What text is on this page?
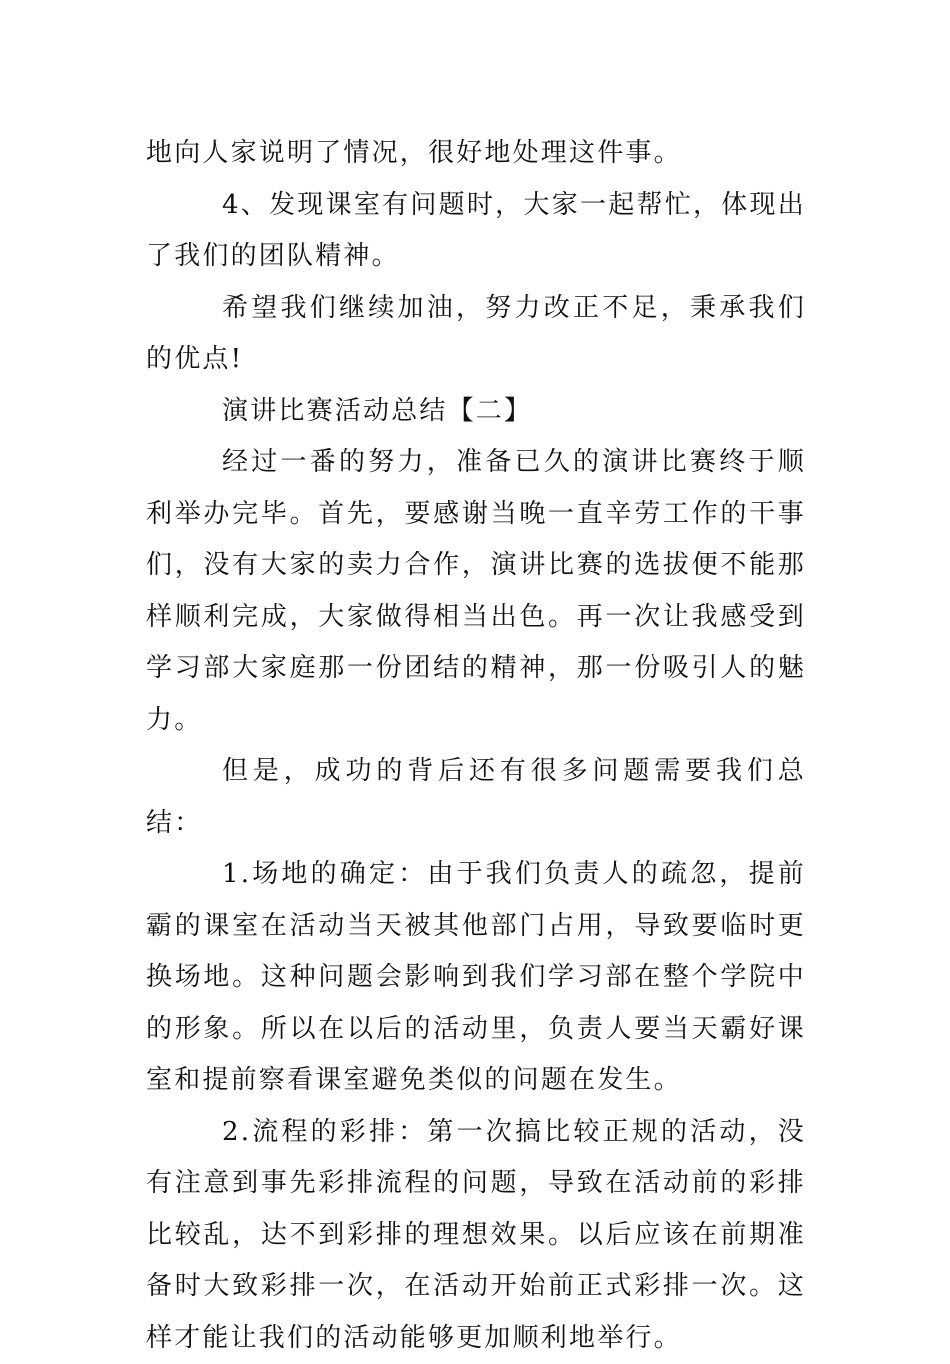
地向人家说明了情况，很好地处理这件事。

4、发现课室有问题时，大家一起帮忙，体现出了我们的团队精神。

希望我们继续加油，努力改正不足，秉承我们的优点!

演讲比赛活动总结【二】

经过一番的努力，准备已久的演讲比赛终于顺利举办完毕。首先，要感谢当晚一直辛劳工作的干事们，没有大家的卖力合作，演讲比赛的选拔便不能那样顺利完成，大家做得相当出色。再一次让我感受到学习部大家庭那一份团结的精神，那一份吸引人的魅力。

但是，成功的背后还有很多问题需要我们总结：

1.场地的确定：由于我们负责人的疏忽，提前霸的课室在活动当天被其他部门占用，导致要临时更换场地。这种问题会影响到我们学习部在整个学院中的形象。所以在以后的活动里，负责人要当天霸好课室和提前察看课室避免类似的问题在发生。

2.流程的彩排：第一次搞比较正规的活动，没有注意到事先彩排流程的问题，导致在活动前的彩排比较乱，达不到彩排的理想效果。以后应该在前期准备时大致彩排一次，在活动开始前正式彩排一次。这样才能让我们的活动能够更加顺利地举行。
